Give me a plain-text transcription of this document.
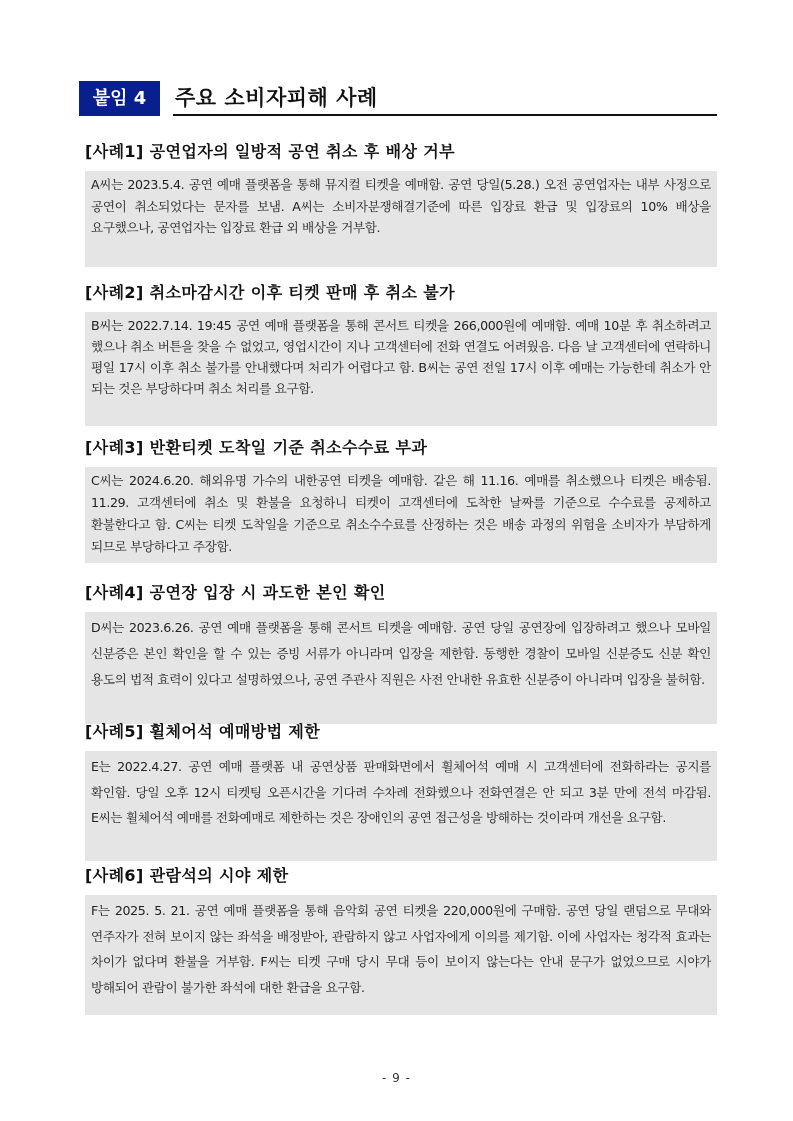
붙임 4	주요 소비자피해 사례
[사례1] 공연업자의 일방적 공연 취소 후 배상 거부
A씨는 2023.5.4. 공연 예매 플랫폼을 통해 뮤지컬 티켓을 예매함. 공연 당일(5.28.) 오전 공연업자는 내부 사정으로 공연이 취소되었다는 문자를 보냄. A씨는 소비자분쟁해결기준에 따른 입장료 환급 및 입장료의 10% 배상을 요구했으나, 공연업자는 입장료 환급 외 배상을 거부함.
[사례2] 취소마감시간 이후 티켓 판매 후 취소 불가
B씨는 2022.7.14. 19:45 공연 예매 플랫폼을 통해 콘서트 티켓을 266,000원에 예매함. 예매 10분 후 취소하려고 했으나 취소 버튼을 찾을 수 없었고, 영업시간이 지나 고객센터에 전화 연결도 어려웠음. 다음 날 고객센터에 연락하니 평일 17시 이후 취소 불가를 안내했다며 처리가 어렵다고 함. B씨는 공연 전일 17시 이후 예매는 가능한데 취소가 안 되는 것은 부당하다며 취소 처리를 요구함.
[사례3] 반환티켓 도착일 기준 취소수수료 부과
C씨는 2024.6.20. 해외유명 가수의 내한공연 티켓을 예매함. 같은 해 11.16. 예매를 취소했으나 티켓은 배송됨. 11.29. 고객센터에 취소 및 환불을 요청하니 티켓이 고객센터에 도착한 날짜를 기준으로 수수료를 공제하고 환불한다고 함. C씨는 티켓 도착일을 기준으로 취소수수료를 산정하는 것은 배송 과정의 위험을 소비자가 부담하게 되므로 부당하다고 주장함.
[사례4] 공연장 입장 시 과도한 본인 확인
D씨는 2023.6.26. 공연 예매 플랫폼을 통해 콘서트 티켓을 예매함. 공연 당일 공연장에 입장하려고 했으나 모바일 신분증은 본인 확인을 할 수 있는 증빙 서류가 아니라며 입장을 제한함. 동행한 경찰이 모바일 신분증도 신분 확인 용도의 법적 효력이 있다고 설명하였으나, 공연 주관사 직원은 사전 안내한 유효한 신분증이 아니라며 입장을 불허함.
[사례5] 휠체어석 예매방법 제한
E는 2022.4.27. 공연 예매 플랫폼 내 공연상품 판매화면에서 휠체어석 예매 시 고객센터에 전화하라는 공지를 확인함. 당일 오후 12시 티켓팅 오픈시간을 기다려 수차례 전화했으나 전화연결은 안 되고 3분 만에 전석 마감됨. E씨는 휠체어석 예매를 전화예매로 제한하는 것은 장애인의 공연 접근성을 방해하는 것이라며 개선을 요구함.
[사례6] 관람석의 시야 제한
F는 2025. 5. 21. 공연 예매 플랫폼을 통해 음악회 공연 티켓을 220,000원에 구매함. 공연 당일 랜덤으로 무대와 연주자가 전혀 보이지 않는 좌석을 배정받아, 관람하지 않고 사업자에게 이의를 제기함. 이에 사업자는 청각적 효과는 차이가 없다며 환불을 거부함. F씨는 티켓 구매 당시 무대 등이 보이지 않는다는 안내 문구가 없었으므로 시야가 방해되어 관람이 불가한 좌석에 대한 환급을 요구함.
- 9 -
